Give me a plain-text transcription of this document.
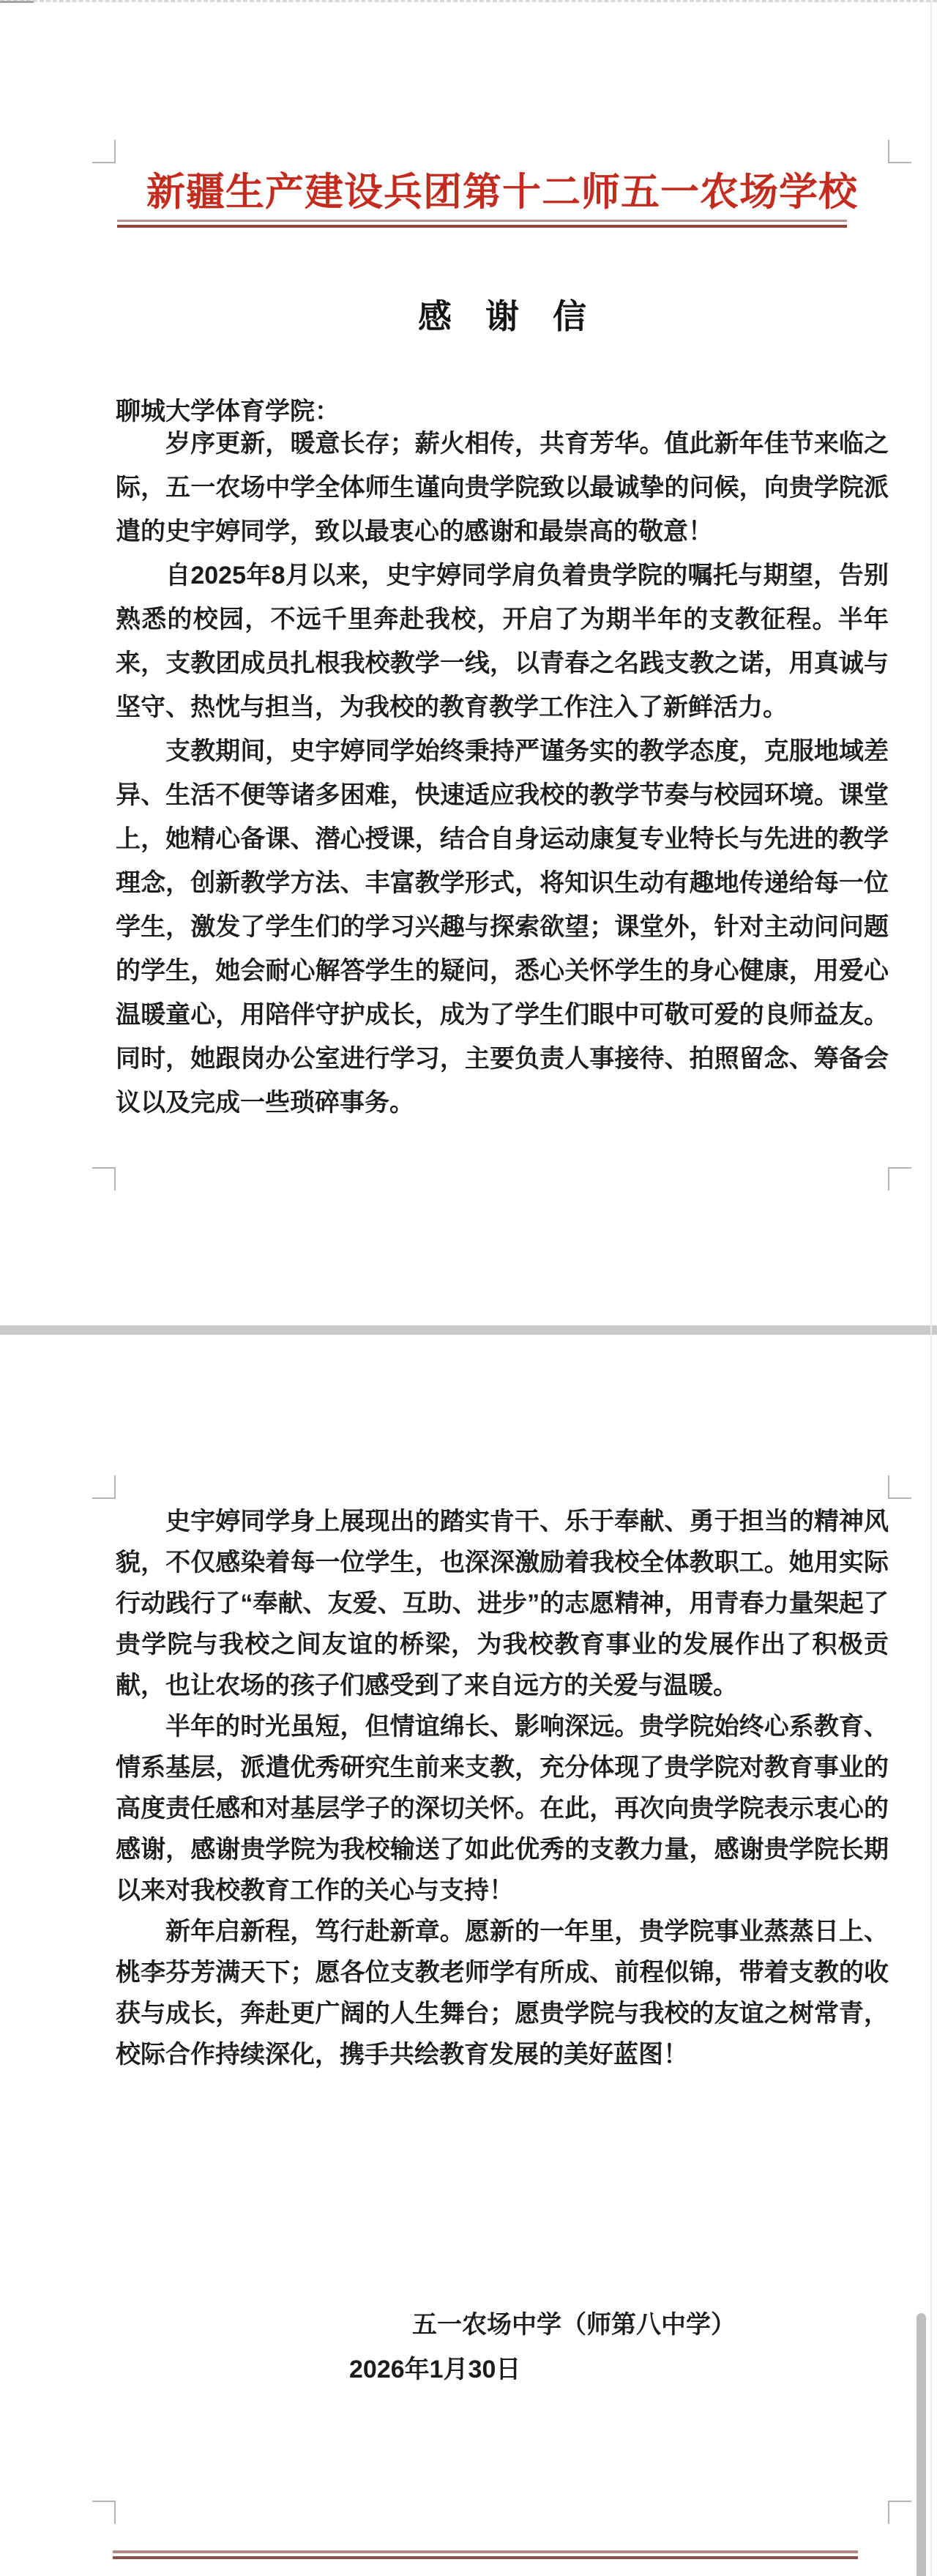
新疆生产建设兵团第十二师五一农场学校
感　谢　信
聊城大学体育学院：

岁序更新，暖意长存；薪火相传，共育芳华。值此新年佳节来临之际，五一农场中学全体师生谨向贵学院致以最诚挚的问候，向贵学院派遣的史宇婷同学，致以最衷心的感谢和最崇高的敬意！

自2025年8月以来，史宇婷同学肩负着贵学院的嘱托与期望，告别熟悉的校园，不远千里奔赴我校，开启了为期半年的支教征程。半年来，支教团成员扎根我校教学一线，以青春之名践支教之诺，用真诚与坚守、热忱与担当，为我校的教育教学工作注入了新鲜活力。

支教期间，史宇婷同学始终秉持严谨务实的教学态度，克服地域差异、生活不便等诸多困难，快速适应我校的教学节奏与校园环境。课堂上，她精心备课、潜心授课，结合自身运动康复专业特长与先进的教学理念，创新教学方法、丰富教学形式，将知识生动有趣地传递给每一位学生，激发了学生们的学习兴趣与探索欲望；课堂外，针对主动问问题的学生，她会耐心解答学生的疑问，悉心关怀学生的身心健康，用爱心温暖童心，用陪伴守护成长，成为了学生们眼中可敬可爱的良师益友。同时，她跟岗办公室进行学习，主要负责人事接待、拍照留念、筹备会议以及完成一些琐碎事务。

史宇婷同学身上展现出的踏实肯干、乐于奉献、勇于担当的精神风貌，不仅感染着每一位学生，也深深激励着我校全体教职工。她用实际行动践行了“奉献、友爱、互助、进步”的志愿精神，用青春力量架起了贵学院与我校之间友谊的桥梁，为我校教育事业的发展作出了积极贡献，也让农场的孩子们感受到了来自远方的关爱与温暖。

半年的时光虽短，但情谊绵长、影响深远。贵学院始终心系教育、情系基层，派遣优秀研究生前来支教，充分体现了贵学院对教育事业的高度责任感和对基层学子的深切关怀。在此，再次向贵学院表示衷心的感谢，感谢贵学院为我校输送了如此优秀的支教力量，感谢贵学院长期以来对我校教育工作的关心与支持！

新年启新程，笃行赴新章。愿新的一年里，贵学院事业蒸蒸日上、桃李芬芳满天下；愿各位支教老师学有所成、前程似锦，带着支教的收获与成长，奔赴更广阔的人生舞台；愿贵学院与我校的友谊之树常青，校际合作持续深化，携手共绘教育发展的美好蓝图！

五一农场中学（师第八中学）
2026年1月30日
